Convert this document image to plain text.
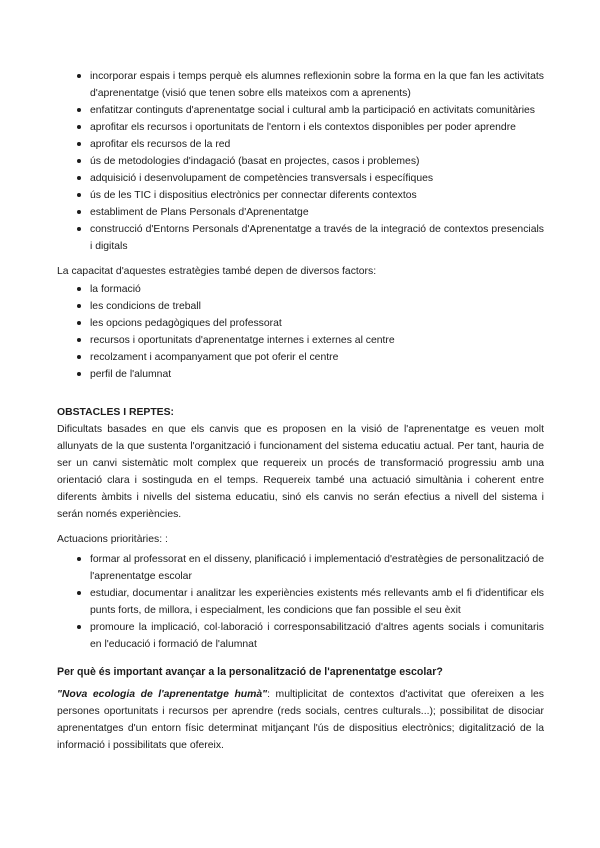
incorporar espais i temps perquè els alumnes reflexionin sobre la forma en la que fan les activitats d'aprenentatge (visió que tenen sobre ells mateixos com a aprenents)
enfatitzar continguts d'aprenentatge social i cultural amb la participació en activitats comunitàries
aprofitar els recursos i oportunitats de l'entorn i els contextos disponibles per poder aprendre
aprofitar els recursos de la red
ús de metodologies d'indagació (basat en projectes, casos i problemes)
adquisició i desenvolupament de competències transversals i específiques
ús de les TIC i dispositius electrònics per connectar diferents contextos
establiment de Plans Personals d'Aprenentatge
construcció d'Entorns Personals d'Aprenentatge a través de la integració de contextos presencials i digitals

La capacitat d'aquestes estratègies també depen de diversos factors:

la formació
les condicions de treball
les opcions pedagògiques del professorat
recursos i oportunitats d'aprenentatge internes i externes al centre
recolzament i acompanyament que pot oferir el centre
perfil de l'alumnat

OBSTACLES I REPTES:

Dificultats basades en que els canvis que es proposen en la visió de l'aprenentatge es veuen molt allunyats de la que sustenta l'organització i funcionament del sistema educatiu actual. Per tant, hauria de ser un canvi sistemàtic molt complex que requereix un procés de transformació progressiu amb una orientació clara i sostinguda en el temps. Requereix també una actuació simultània i coherent entre diferents àmbits i nivells del sistema educatiu, sinó els canvis no serán efectius a nivell del sistema i serán només experiències.

Actuacions prioritàries: :

formar al professorat en el disseny, planificació i implementació d'estratègies de personalització de l'aprenentatge escolar
estudiar, documentar i analitzar les experiències existents més rellevants amb el fi d'identificar els punts forts, de millora, i especialment, les condicions que fan possible el seu èxit
promoure la implicació, col·laboració i corresponsabilització d'altres agents socials i comunitaris en l'educació i formació de l'alumnat

Per què és important avançar a la personalització de l'aprenentatge escolar?

"Nova ecologia de l'aprenentatge humà": multiplicitat de contextos d'activitat que ofereixen a les persones oportunitats i recursos per aprendre (reds socials, centres culturals...); possibilitat de disociar aprenentatges d'un entorn físic determinat mitjançant l'ús de dispositius electrònics; digitalització de la informació i possibilitats que ofereix.
